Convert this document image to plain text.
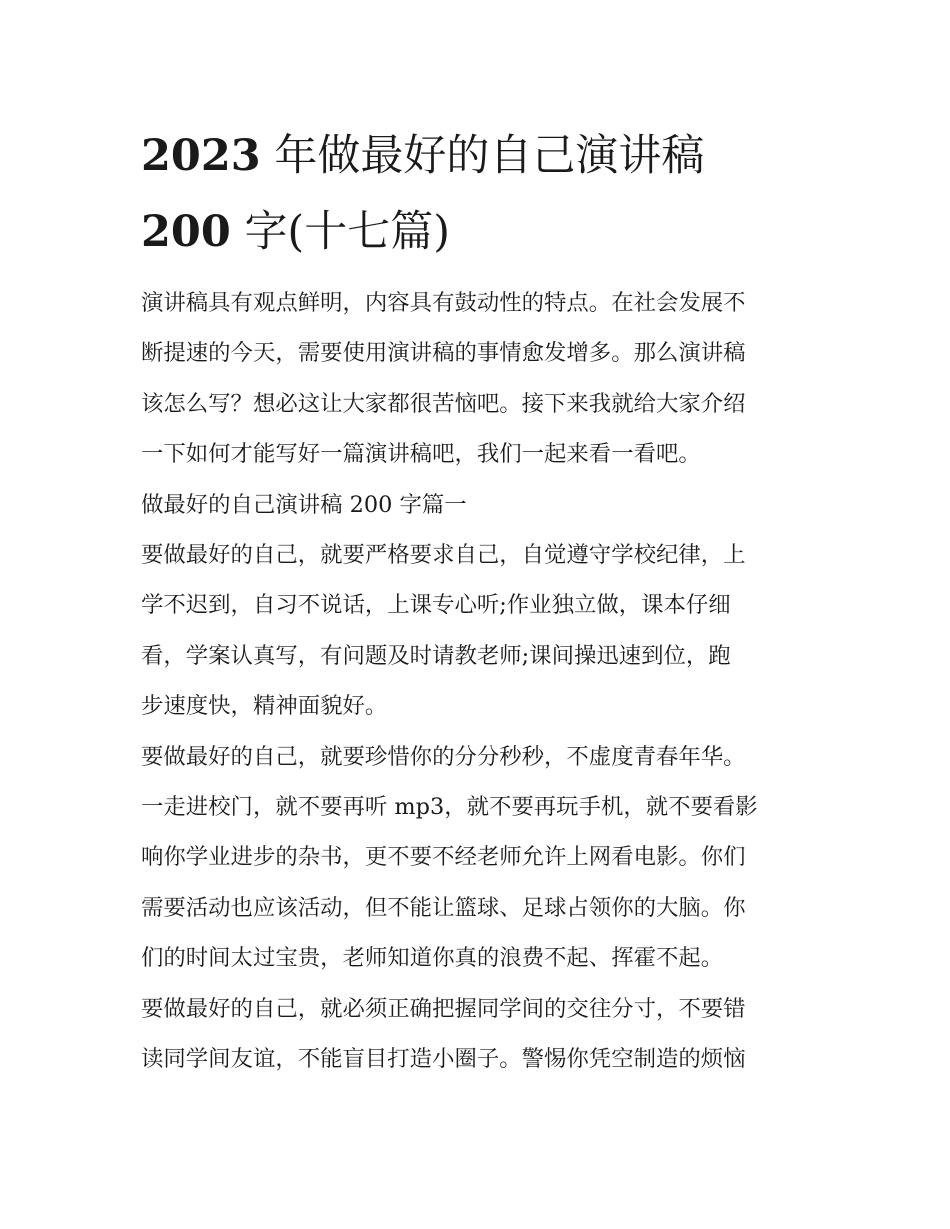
2023 年做最好的自己演讲稿
200 字(十七篇)

演讲稿具有观点鲜明，内容具有鼓动性的特点。在社会发展不

断提速的今天，需要使用演讲稿的事情愈发增多。那么演讲稿

该怎么写？想必这让大家都很苦恼吧。接下来我就给大家介绍

一下如何才能写好一篇演讲稿吧，我们一起来看一看吧。

做最好的自己演讲稿 200 字篇一

要做最好的自己，就要严格要求自己，自觉遵守学校纪律，上

学不迟到，自习不说话，上课专心听;作业独立做，课本仔细

看，学案认真写，有问题及时请教老师;课间操迅速到位，跑

步速度快，精神面貌好。

要做最好的自己，就要珍惜你的分分秒秒，不虚度青春年华。

一走进校门，就不要再听 mp3，就不要再玩手机，就不要看影

响你学业进步的杂书，更不要不经老师允许上网看电影。你们

需要活动也应该活动，但不能让篮球、足球占领你的大脑。你

们的时间太过宝贵，老师知道你真的浪费不起、挥霍不起。

要做最好的自己，就必须正确把握同学间的交往分寸，不要错

读同学间友谊，不能盲目打造小圈子。警惕你凭空制造的烦恼
